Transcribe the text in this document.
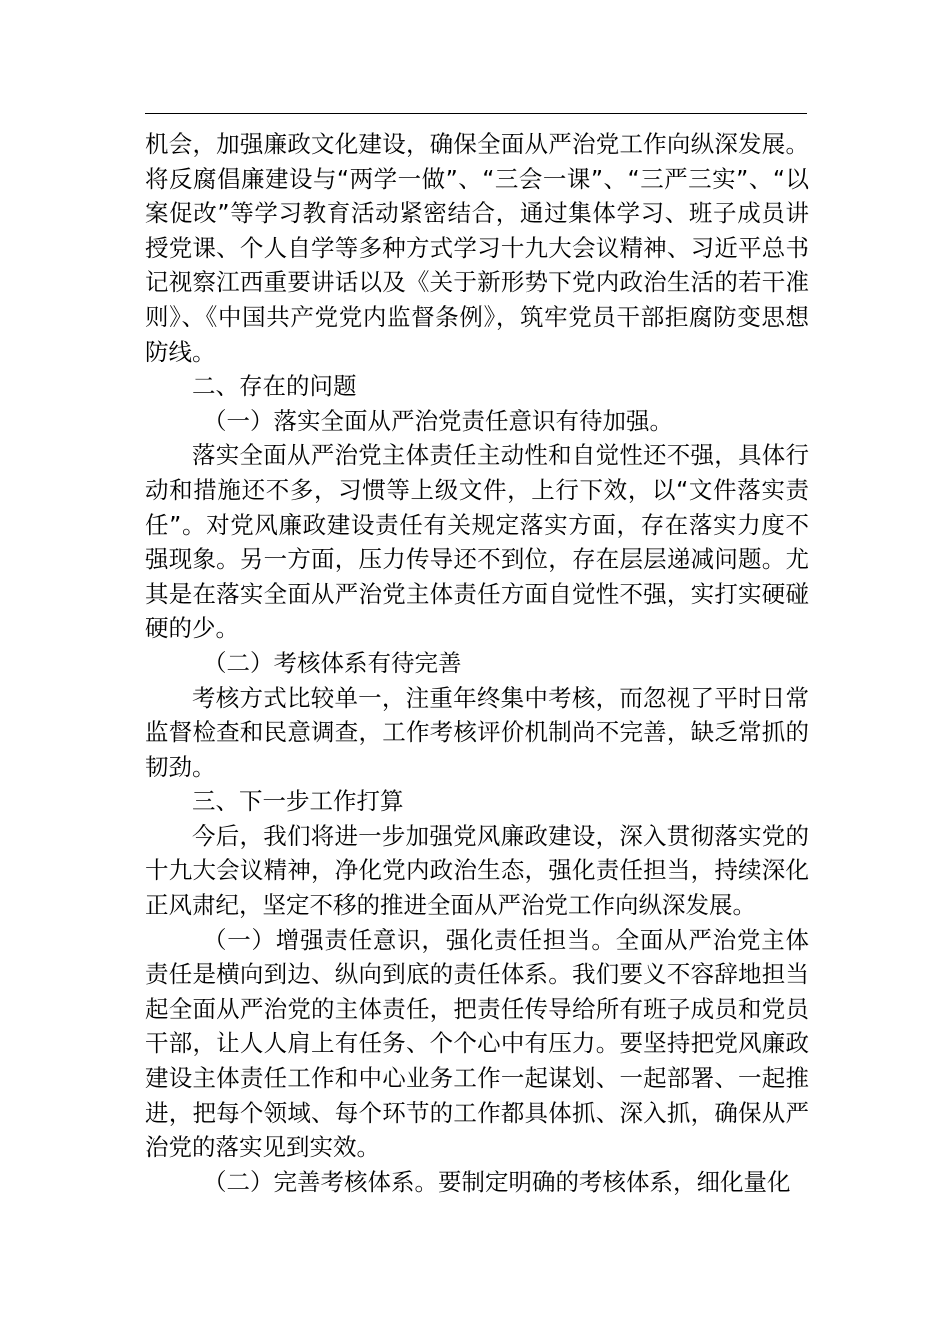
机会，加强廉政文化建设，确保全面从严治党工作向纵深发展。将反腐倡廉建设与“两学一做”、“三会一课”、“三严三实”、“以案促改”等学习教育活动紧密结合，通过集体学习、班子成员讲授党课、个人自学等多种方式学习十九大会议精神、习近平总书记视察江西重要讲话以及《关于新形势下党内政治生活的若干准则》、《中国共产党党内监督条例》，筑牢党员干部拒腐防变思想防线。

二、存在的问题

（一）落实全面从严治党责任意识有待加强。

落实全面从严治党主体责任主动性和自觉性还不强，具体行动和措施还不多，习惯等上级文件，上行下效，以“文件落实责任”。对党风廉政建设责任有关规定落实方面，存在落实力度不强现象。另一方面，压力传导还不到位，存在层层递减问题。尤其是在落实全面从严治党主体责任方面自觉性不强，实打实硬碰硬的少。

（二）考核体系有待完善

考核方式比较单一，注重年终集中考核，而忽视了平时日常监督检查和民意调查，工作考核评价机制尚不完善，缺乏常抓的韧劲。

三、下一步工作打算

今后，我们将进一步加强党风廉政建设，深入贯彻落实党的十九大会议精神，净化党内政治生态，强化责任担当，持续深化正风肃纪，坚定不移的推进全面从严治党工作向纵深发展。

（一）增强责任意识，强化责任担当。全面从严治党主体责任是横向到边、纵向到底的责任体系。我们要义不容辞地担当起全面从严治党的主体责任，把责任传导给所有班子成员和党员干部，让人人肩上有任务、个个心中有压力。要坚持把党风廉政建设主体责任工作和中心业务工作一起谋划、一起部署、一起推进，把每个领域、每个环节的工作都具体抓、深入抓，确保从严治党的落实见到实效。

（二）完善考核体系。要制定明确的考核体系，细化量化
